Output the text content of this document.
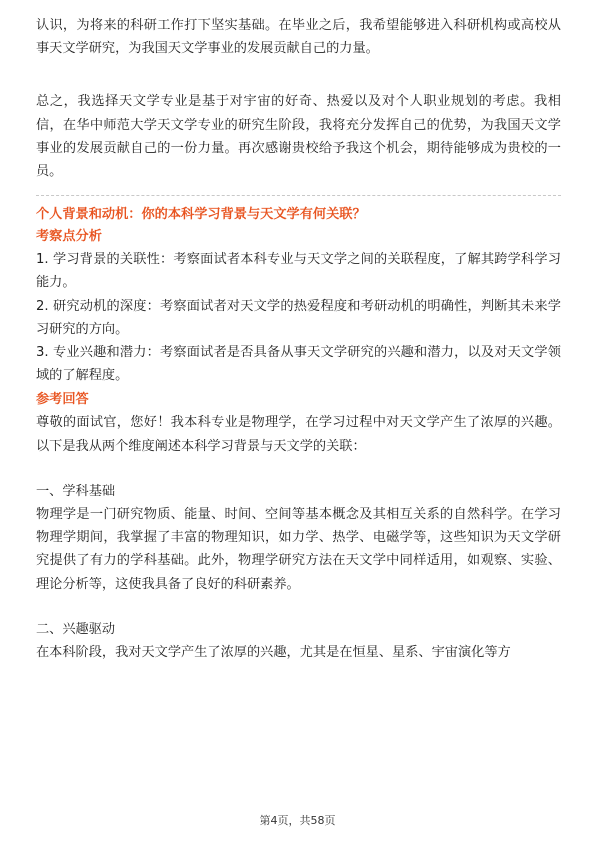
认识，为将来的科研工作打下坚实基础。在毕业之后，我希望能够进入科研机构或高校从事天文学研究，为我国天文学事业的发展贡献自己的力量。

总之，我选择天文学专业是基于对宇宙的好奇、热爱以及对个人职业规划的考虑。我相信，在华中师范大学天文学专业的研究生阶段，我将充分发挥自己的优势，为我国天文学事业的发展贡献自己的一份力量。再次感谢贵校给予我这个机会，期待能够成为贵校的一员。

个人背景和动机：你的本科学习背景与天文学有何关联？
考察点分析

1. 学习背景的关联性：考察面试者本科专业与天文学之间的关联程度，了解其跨学科学习能力。

2. 研究动机的深度：考察面试者对天文学的热爱程度和考研动机的明确性，判断其未来学习研究的方向。

3. 专业兴趣和潜力：考察面试者是否具备从事天文学研究的兴趣和潜力，以及对天文学领域的了解程度。

参考回答

尊敬的面试官，您好！我本科专业是物理学，在学习过程中对天文学产生了浓厚的兴趣。以下是我从两个维度阐述本科学习背景与天文学的关联：

一、学科基础

物理学是一门研究物质、能量、时间、空间等基本概念及其相互关系的自然科学。在学习物理学期间，我掌握了丰富的物理知识，如力学、热学、电磁学等，这些知识为天文学研究提供了有力的学科基础。此外，物理学研究方法在天文学中同样适用，如观察、实验、理论分析等，这使我具备了良好的科研素养。

二、兴趣驱动

在本科阶段，我对天文学产生了浓厚的兴趣，尤其是在恒星、星系、宇宙演化等方

第4页，共58页
